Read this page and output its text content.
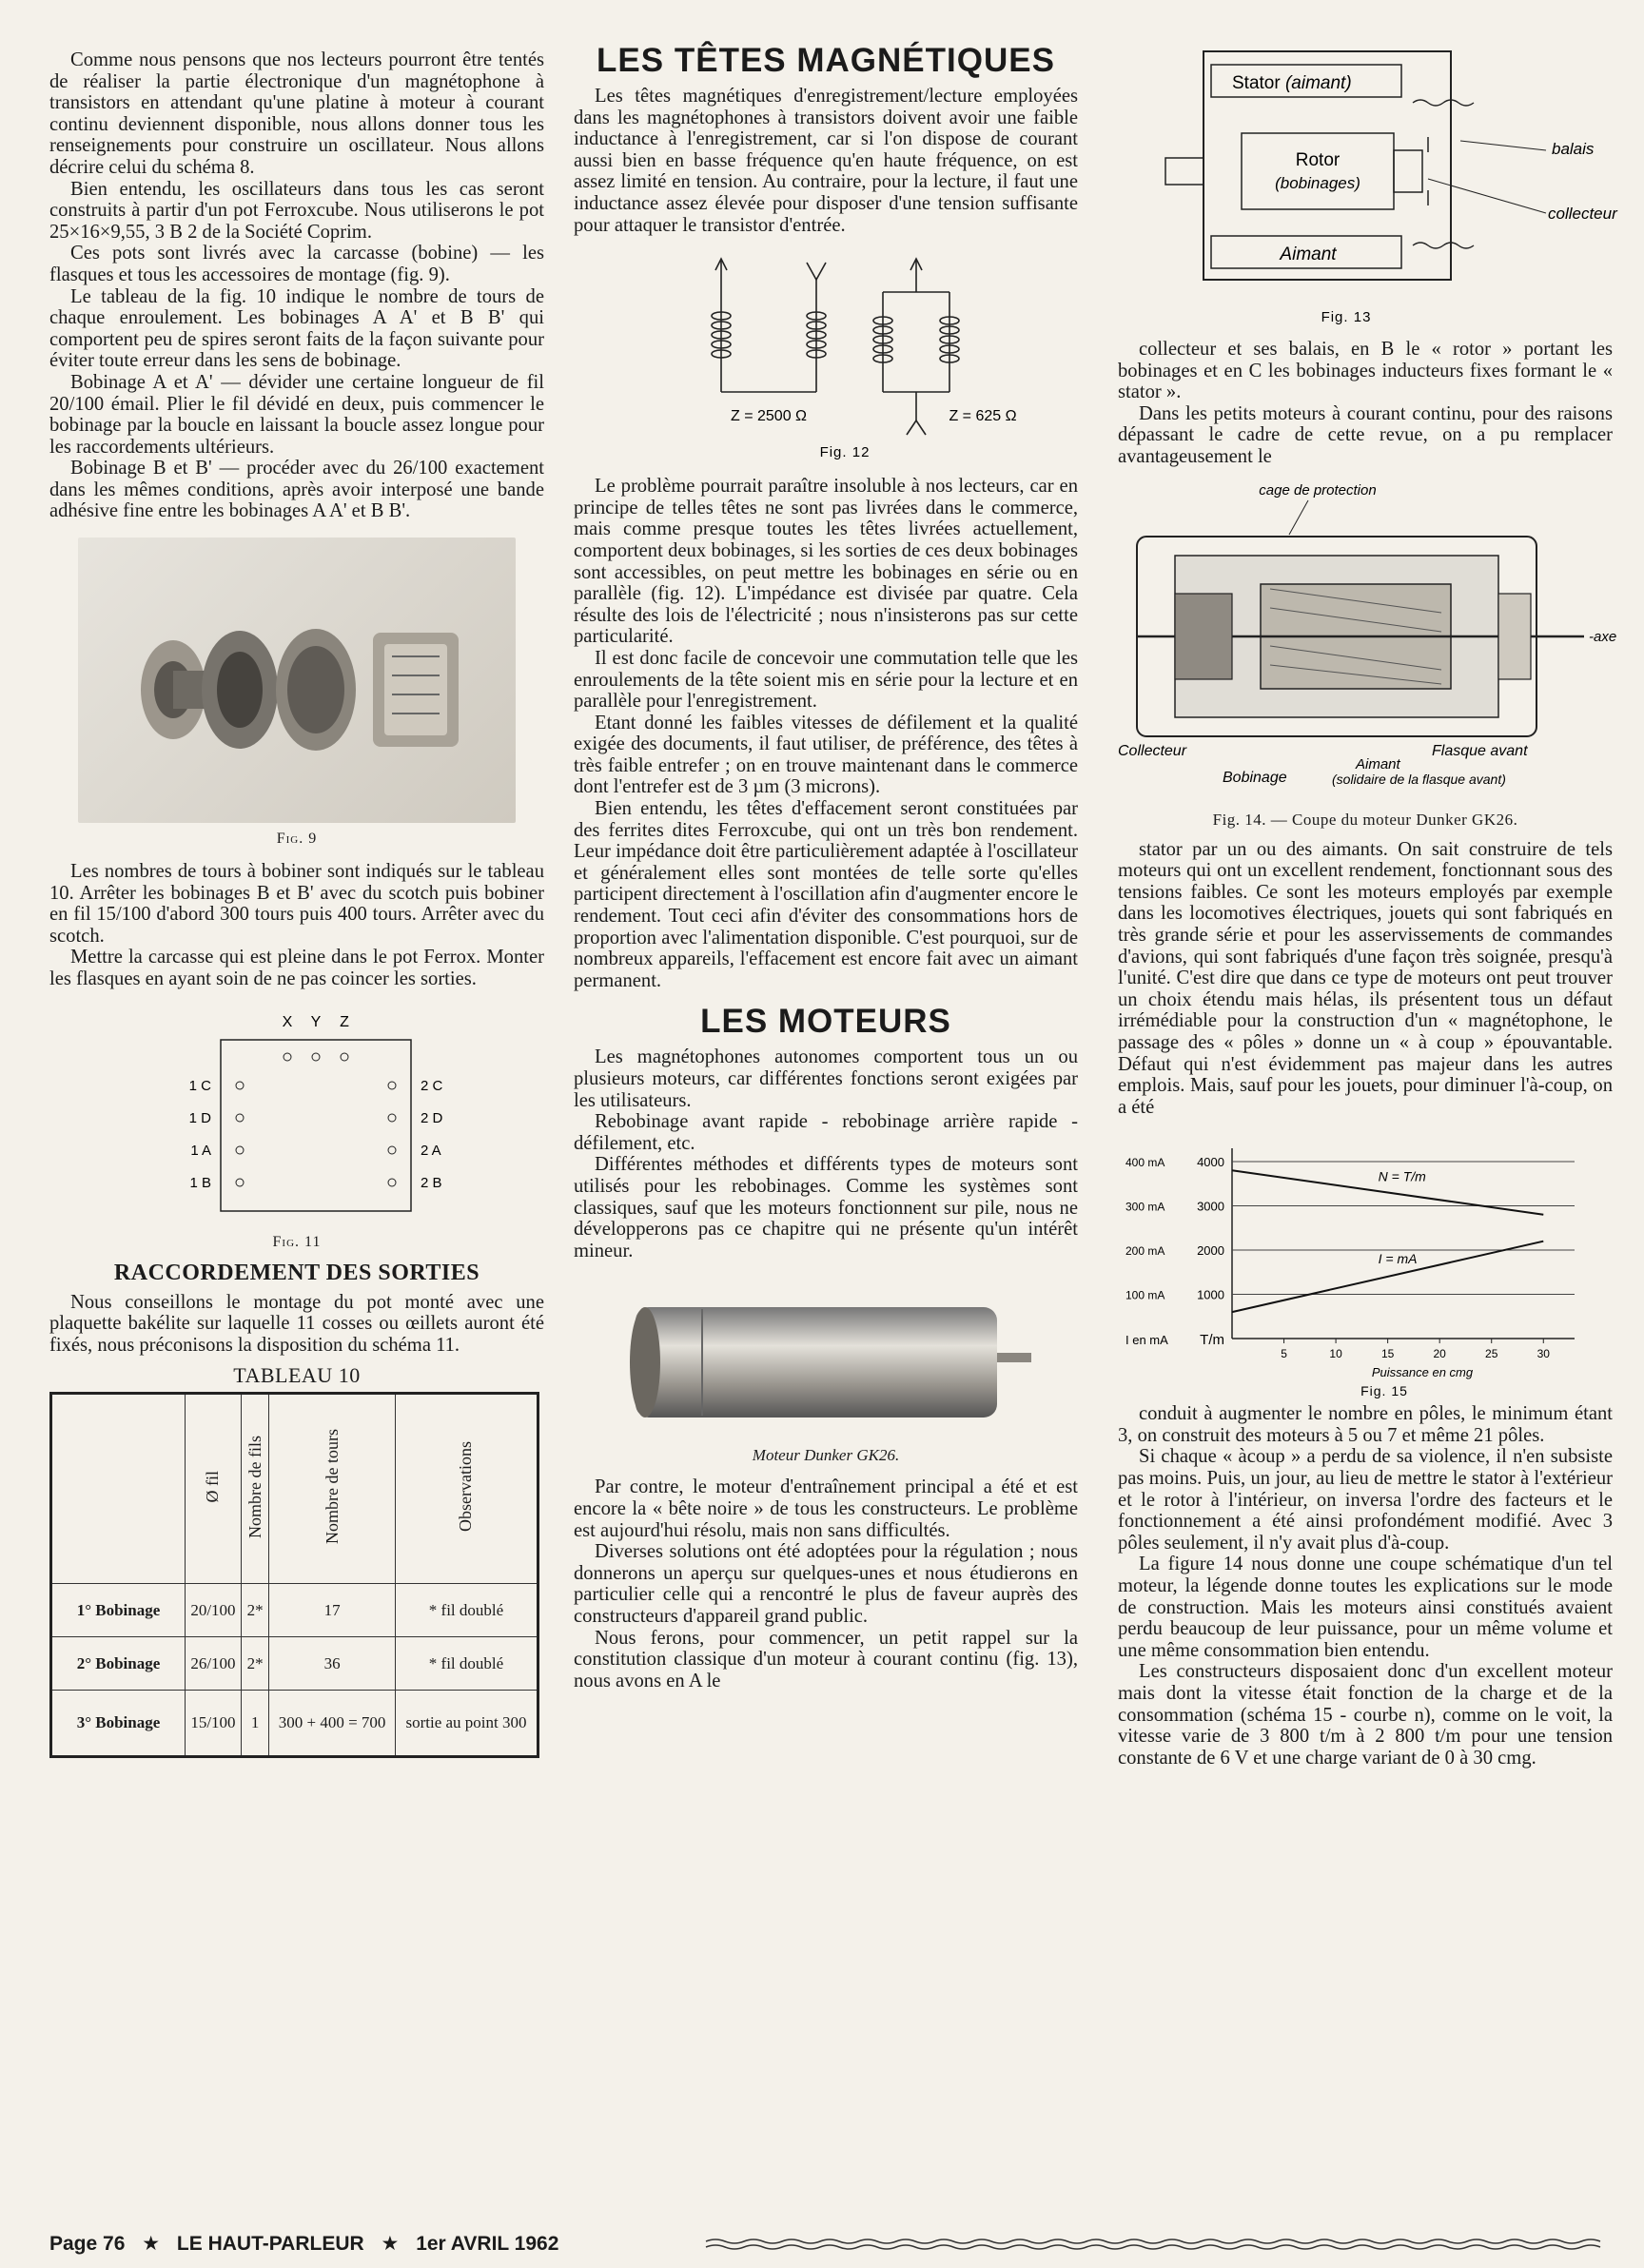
Comme nous pensons que nos lecteurs pourront être tentés de réaliser la partie électronique d'un magnétophone à transistors en attendant qu'une platine à moteur à courant continu deviennent disponible, nous allons donner tous les renseignements pour construire un oscillateur. Nous allons décrire celui du schéma 8.

Bien entendu, les oscillateurs dans tous les cas seront construits à partir d'un pot Ferroxcube. Nous utiliserons le pot 25×16×9,55, 3 B 2 de la Société Coprim.

Ces pots sont livrés avec la carcasse (bobine) — les flasques et tous les accessoires de montage (fig. 9).

Le tableau de la fig. 10 indique le nombre de tours de chaque enroulement. Les bobinages A A' et B B' qui comportent peu de spires seront faits de la façon suivante pour éviter toute erreur dans les sens de bobinage.

Bobinage A et A' — dévider une certaine longueur de fil 20/100 émail. Plier le fil dévidé en deux, puis commencer le bobinage par la boucle en laissant la boucle assez longue pour les raccordements ultérieurs.

Bobinage B et B' — procéder avec du 26/100 exactement dans les mêmes conditions, après avoir interposé une bande adhésive fine entre les bobinages A A' et B B'.

Fig. 9

Les nombres de tours à bobiner sont indiqués sur le tableau 10. Arrêter les bobinages B et B' avec du scotch puis bobiner en fil 15/100 d'abord 300 tours puis 400 tours. Arrêter avec du scotch.

Mettre la carcasse qui est pleine dans le pot Ferrox. Monter les flasques en ayant soin de ne pas coincer les sorties.

X Y Z
1 C
1 D
1 A
1 B
2 C
2 D
2 A
2 B
Fig. 11
RACCORDEMENT DES SORTIES

Nous conseillons le montage du pot monté avec une plaquette bakélite sur laquelle 11 cosses ou œillets auront été fixés, nous préconisons la disposition du schéma 11.

TABLEAU 10
	Ø fil	Nombre de fils	Nombre de tours	Observations
1° Bobinage	20/100	2*	17	* fil doublé
2° Bobinage	26/100	2*	36	* fil doublé
3° Bobinage	15/100	1	300 + 400 = 700	sortie au point 300
LES TÊTES MAGNÉTIQUES

Les têtes magnétiques d'enregistrement/lecture employées dans les magnétophones à transistors doivent avoir une faible inductance à l'enregistrement, car si l'on dispose de courant aussi bien en basse fréquence qu'en haute fréquence, on est assez limité en tension. Au contraire, pour la lecture, il faut une inductance assez élevée pour disposer d'une tension suffisante pour attaquer le transistor d'entrée.

Z = 2500 Ω	Z = 625 Ω
Fig. 12

Le problème pourrait paraître insoluble à nos lecteurs, car en principe de telles têtes ne sont pas livrées dans le commerce, mais comme presque toutes les têtes livrées actuellement, comportent deux bobinages, si les sorties de ces deux bobinages sont accessibles, on peut mettre les bobinages en série ou en parallèle (fig. 12). L'impédance est divisée par quatre. Cela résulte des lois de l'électricité ; nous n'insisterons pas sur cette particularité.

Il est donc facile de concevoir une commutation telle que les enroulements de la tête soient mis en série pour la lecture et en parallèle pour l'enregistrement.

Etant donné les faibles vitesses de défilement et la qualité exigée des documents, il faut utiliser, de préférence, des têtes à très faible entrefer ; on en trouve maintenant dans le commerce dont l'entrefer est de 3 µm (3 microns).

Bien entendu, les têtes d'effacement seront constituées par des ferrites dites Ferroxcube, qui ont un très bon rendement. Leur impédance doit être particulièrement adaptée à l'oscillateur et généralement elles sont montées de telle sorte qu'elles participent directement à l'oscillation afin d'augmenter encore le rendement. Tout ceci afin d'éviter des consommations hors de proportion avec l'alimentation disponible. C'est pourquoi, sur de nombreux appareils, l'effacement est encore fait avec un aimant permanent.

LES MOTEURS

Les magnétophones autonomes comportent tous un ou plusieurs moteurs, car différentes fonctions seront exigées par les utilisateurs.

Rebobinage avant rapide - rebobinage arrière rapide - défilement, etc.

Différentes méthodes et différents types de moteurs sont utilisés pour les rebobinages. Comme les systèmes sont classiques, sauf que les moteurs fonctionnent sur pile, nous ne développerons pas ce chapitre qui ne présente qu'un intérêt mineur.

Moteur Dunker GK26.

Par contre, le moteur d'entraînement principal a été et est encore la « bête noire » de tous les constructeurs. Le problème est aujourd'hui résolu, mais non sans difficultés.

Diverses solutions ont été adoptées pour la régulation ; nous donnerons un aperçu sur quelques-unes et nous étudierons en particulier celle qui a rencontré le plus de faveur auprès des constructeurs d'appareil grand public.

Nous ferons, pour commencer, un petit rappel sur la constitution classique d'un moteur à courant continu (fig. 13), nous avons en A le

Stator (aimant)
Rotor
(bobinages)
Aimant
balais
collecteur
Fig. 13

collecteur et ses balais, en B le « rotor » portant les bobinages et en C les bobinages inducteurs fixes formant le « stator ».

Dans les petits moteurs à courant continu, pour des raisons dépassant le cadre de cette revue, on a pu remplacer avantageusement le

cage de protection
-axe
Collecteur	Flasque avant
Bobinage
Aimant
(solidaire de la flasque avant)
Fig. 14. — Coupe du moteur Dunker GK26.

stator par un ou des aimants. On sait construire de tels moteurs qui ont un excellent rendement, fonctionnant sous des tensions faibles. Ce sont les moteurs employés par exemple dans les locomotives électriques, jouets qui sont fabriqués en très grande série et pour les asservissements de commandes d'avions, qui sont fabriqués d'une façon très soignée, presqu'à l'unité. C'est dire que dans ce type de moteurs ont peut trouver un choix étendu mais hélas, ils présentent tous un défaut irrémédiable pour la construction d'un « magnétophone, le passage des « pôles » donne un « à coup » épouvantable. Défaut qui n'est évidemment pas majeur dans les autres emplois. Mais, sauf pour les jouets, pour diminuer l'à-coup, on a été

400 mA	4000
300 mA	3000
200 mA	2000
100 mA	1000
I en mA T/m
5	10	15	20	25	30
Puissance en cmg
Fig. 15
N = T/m
I = mA

conduit à augmenter le nombre en pôles, le minimum étant 3, on construit des moteurs à 5 ou 7 et même 21 pôles.

Si chaque « àcoup » a perdu de sa violence, il n'en subsiste pas moins. Puis, un jour, au lieu de mettre le stator à l'extérieur et le rotor à l'intérieur, on inversa l'ordre des facteurs et le fonctionnement a été ainsi profondément modifié. Avec 3 pôles seulement, il n'y avait plus d'à-coup.

La figure 14 nous donne une coupe schématique d'un tel moteur, la légende donne toutes les explications sur le mode de construction. Mais les moteurs ainsi constitués avaient perdu beaucoup de leur puissance, pour un même volume et une même consommation bien entendu.

Les constructeurs disposaient donc d'un excellent moteur mais dont la vitesse était fonction de la charge et de la consommation (schéma 15 - courbe n), comme on le voit, la vitesse varie de 3 800 t/m à 2 800 t/m pour une tension constante de 6 V et une charge variant de 0 à 30 cmg.

Page 76 ★ LE HAUT-PARLEUR ★ 1er AVRIL 1962
